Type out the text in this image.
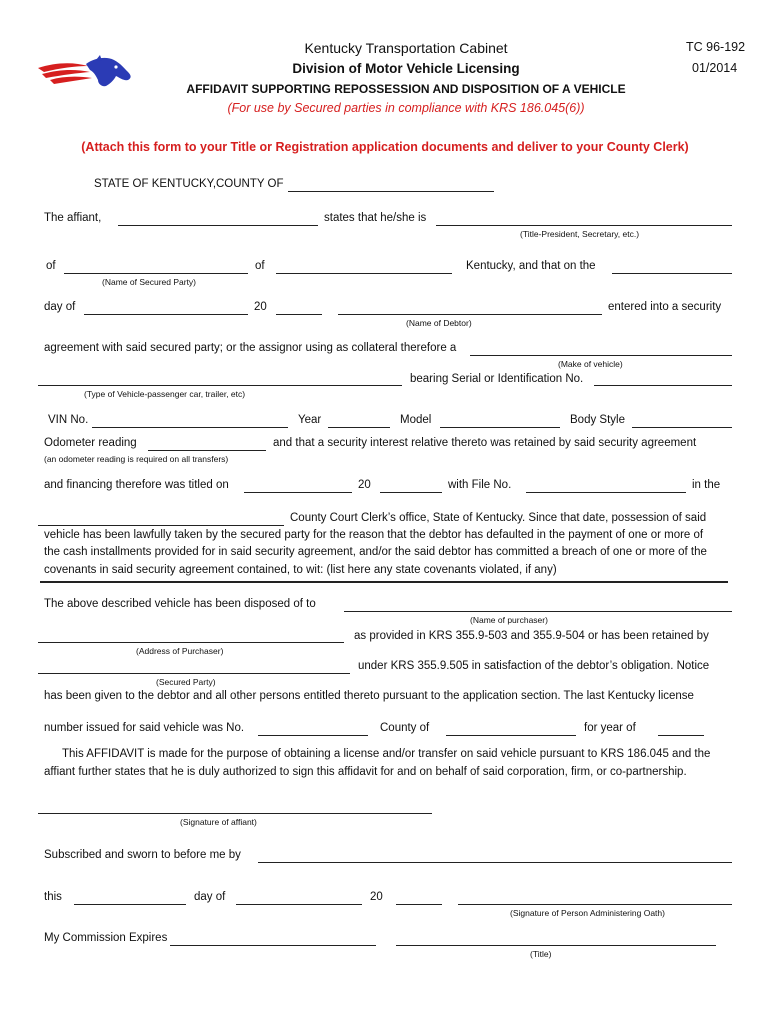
Kentucky Transportation Cabinet
Division of Motor Vehicle Licensing
AFFIDAVIT SUPPORTING REPOSSESSION AND DISPOSITION OF A VEHICLE
(For use by Secured parties in compliance with KRS 186.045(6))
TC 96-192
01/2014
(Attach this form to your Title or Registration application documents and deliver to your County Clerk)
STATE OF KENTUCKY, COUNTY OF
The affiant,	states that he/she is
(Title-President, Secretary, etc.)
of	of	Kentucky, and that on the
(Name of Secured Party)
day of	20	entered into a security
(Name of Debtor)
agreement with said secured party; or the assignor using as collateral therefore a
(Make of vehicle)
bearing Serial or Identification No.
(Type of Vehicle-passenger car, trailer, etc)
VIN No.	Year	Model	Body Style
Odometer reading	and that a security interest relative thereto was retained by said security agreement
(an odometer reading is required on all transfers)
and financing therefore was titled on	20	with File No.	in the
County Court Clerk’s office, State of Kentucky. Since that date, possession of said
vehicle has been lawfully taken by the secured party for the reason that the debtor has defaulted in the payment of one or more of
the cash installments provided for in said security agreement, and/or the said debtor has committed a breach of one or more of the
covenants in said security agreement contained, to wit: (list here any state covenants violated, if any)
The above described vehicle has been disposed of to
(Name of purchaser)
as provided in KRS 355.9-503 and 355.9-504 or has been retained by
(Address of Purchaser)
under KRS 355.9.505 in satisfaction of the debtor’s obligation. Notice
(Secured Party)
has been given to the debtor and all other persons entitled thereto pursuant to the application section. The last Kentucky license
number issued for said vehicle was No.	County of	for year of
This AFFIDAVIT is made for the purpose of obtaining a license and/or transfer on said vehicle pursuant to KRS 186.045 and the
affiant further states that he is duly authorized to sign this affidavit for and on behalf of said corporation, firm, or co-partnership.
(Signature of affiant)
Subscribed and sworn to before me by
this	day of	20
(Signature of Person Administering Oath)
My Commission Expires
(Title)
